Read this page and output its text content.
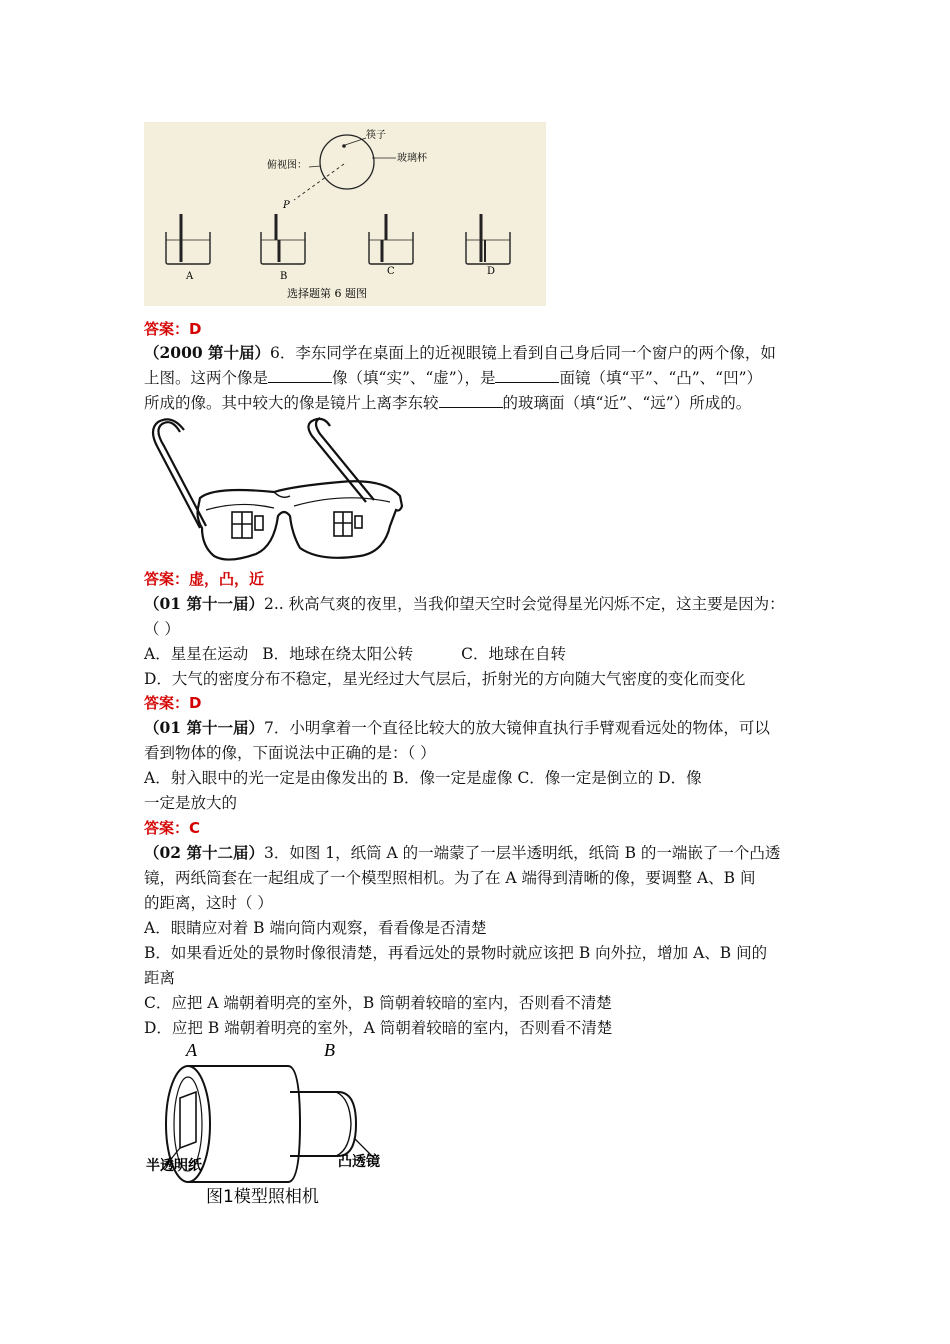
筷子
玻璃杯
俯视图：
P
A	B	C	D
选择题第 6 题图
答案：D
（2000 第十届）6．李东同学在桌面上的近视眼镜上看到自己身后同一个窗户的两个像，如
上图。这两个像是	像（填“实”、“虚”），是	面镜（填“平”、“凸”、“凹”）
所成的像。其中较大的像是镜片上离李东较	的玻璃面（填“近”、“远”）所成的。
答案：虚，凸，近
（01 第十一届）2.. 秋高气爽的夜里，当我仰望天空时会觉得星光闪烁不定，这主要是因为：
（ ）
A．星星在运动 B．地球在绕太阳公转	C．地球在自转
D．大气的密度分布不稳定，星光经过大气层后，折射光的方向随大气密度的变化而变化
答案：D
（01 第十一届）7．小明拿着一个直径比较大的放大镜伸直执行手臂观看远处的物体，可以
看到物体的像，下面说法中正确的是：（ ）
A．射入眼中的光一定是由像发出的 B．像一定是虚像 C．像一定是倒立的 D．像
一定是放大的
答案：C
（02 第十二届）3．如图 1，纸筒 A 的一端蒙了一层半透明纸，纸筒 B 的一端嵌了一个凸透
镜，两纸筒套在一起组成了一个模型照相机。为了在 A 端得到清晰的像，要调整 A、B 间
的距离，这时（ ）
A．眼睛应对着 B 端向筒内观察，看看像是否清楚
B．如果看近处的景物时像很清楚，再看远处的景物时就应该把 B 向外拉，增加 A、B 间的
距离
C．应把 A 端朝着明亮的室外，B 筒朝着较暗的室内，否则看不清楚
D．应把 B 端朝着明亮的室外，A 筒朝着较暗的室内，否则看不清楚
A	B
半透明纸	凸透镜
图1模型照相机
